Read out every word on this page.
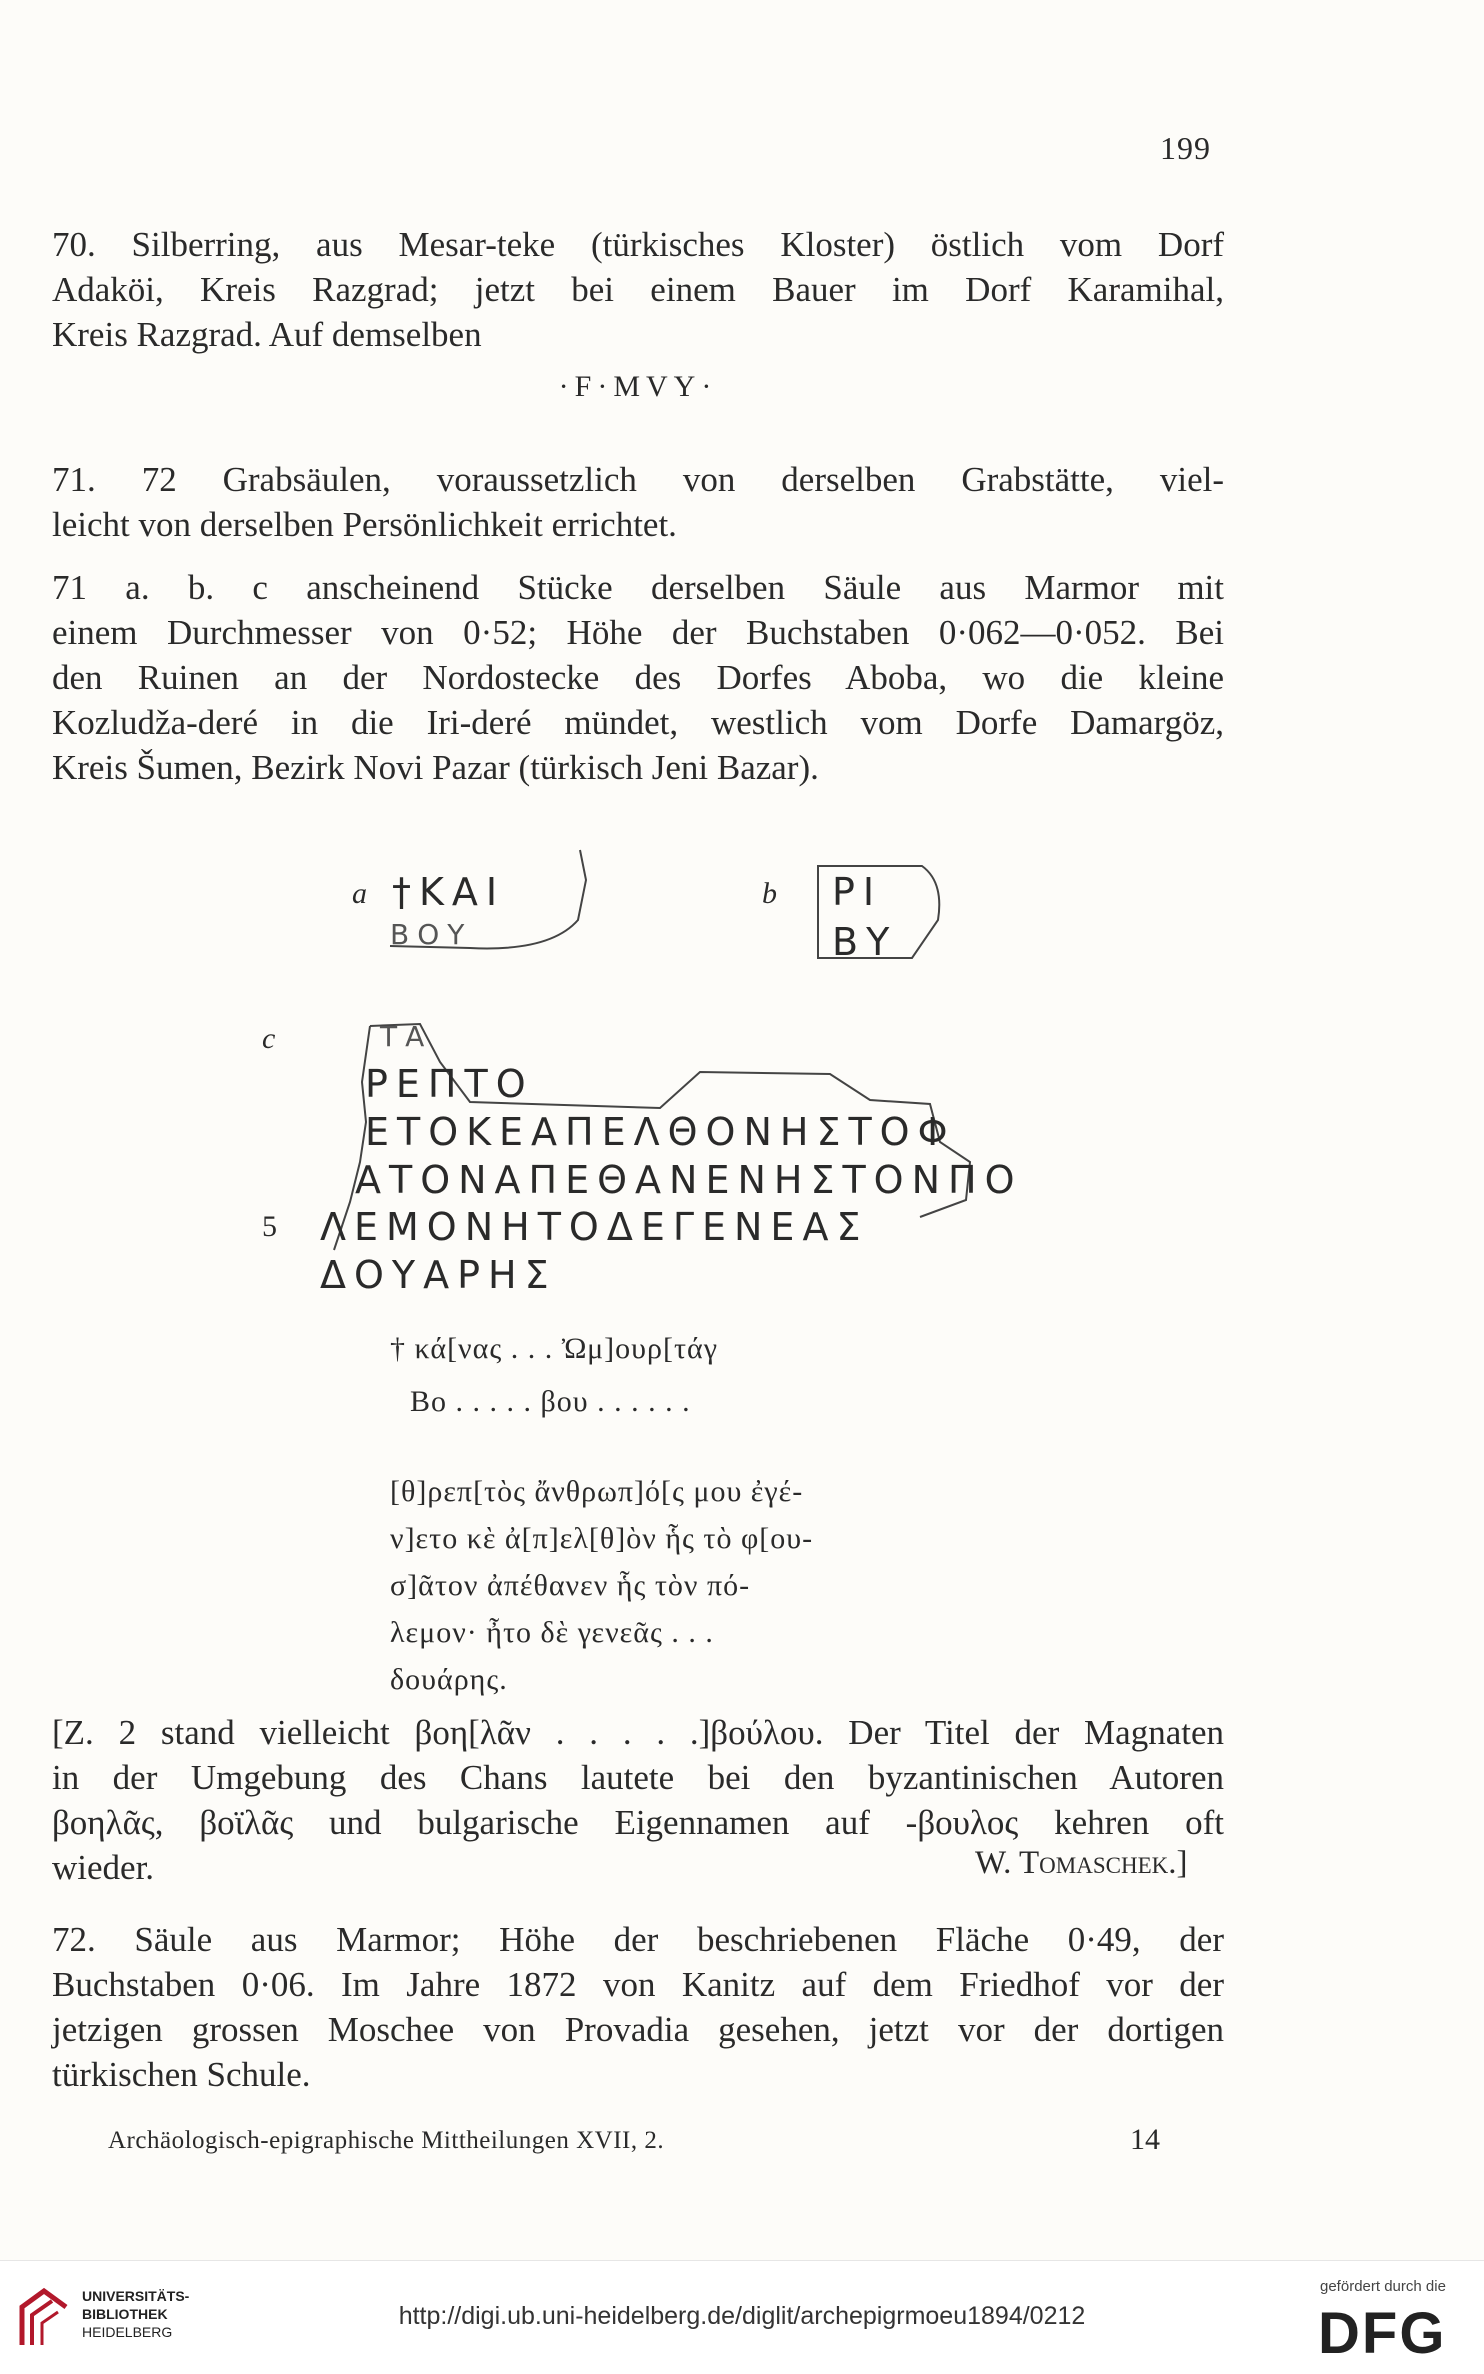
199
70. Silberring, aus Mesar-teke (türkisches Kloster) östlich vom Dorf
Adaköi, Kreis Razgrad; jetzt bei einem Bauer im Dorf Karamihal,
Kreis Razgrad. Auf demselben
·F·MVY·
71. 72 Grabsäulen, voraussetzlich von derselben Grabstätte, viel-
leicht von derselben Persönlichkeit errichtet.
71 a. b. c anscheinend Stücke derselben Säule aus Marmor mit
einem Durchmesser von 0·52; Höhe der Buchstaben 0·062—0·052. Bei
den Ruinen an der Nordostecke des Dorfes Aboba, wo die kleine
Kozludža-deré in die Iri-deré mündet, westlich vom Dorfe Damargöz,
Kreis Šumen, Bezirk Novi Pazar (türkisch Jeni Bazar).
a †ΚΑΙ
ΒΟΥ
b ΡΙ
ΒΥ
c	ΤΑ
ΡΕΠΤΟ
ΕΤΟΚΕΑΠΕΛΘΟΝΗΣΤΟΦ
ΑΤΟΝΑΠΕΘΑΝΕΝΗΣΤΟΝΠΟ
5 ΛΕΜΟΝΗΤΟΔΕΓΕΝΕΑΣ
ΔΟΥΑΡΗΣ
† κά[νας . . . Ὠμ]ουρ[τάγ
Βο . . . . . βου . . . . . .
[θ]ρεπ[τὸς ἄνθρωπ]ό[ς μου ἐγέ-
ν]ετο κὲ ἀ[π]ελ[θ]ὸν ἧς τὸ φ[ου-
σ]ᾶτον ἀπέθανεν ἧς τὸν πό-
λεμον· ἦτο δὲ γενεᾶς . . .
δουάρης.
[Z. 2 stand vielleicht βοη[λᾶν . . . . .]βούλου. Der Titel der Magnaten
in der Umgebung des Chans lautete bei den byzantinischen Autoren
βοηλᾶς, βοϊλᾶς und bulgarische Eigennamen auf -βουλος kehren oft
wieder.	W. Tomaschek.]
72. Säule aus Marmor; Höhe der beschriebenen Fläche 0·49, der
Buchstaben 0·06. Im Jahre 1872 von Kanitz auf dem Friedhof vor der
jetzigen grossen Moschee von Provadia gesehen, jetzt vor der dortigen
türkischen Schule.
Archäologisch-epigraphische Mittheilungen XVII, 2.	14
UNIVERSITÄTS-
BIBLIOTHEK
HEIDELBERG
http://digi.ub.uni-heidelberg.de/diglit/archepigrmoeu1894/0212
gefördert durch die
DFG
